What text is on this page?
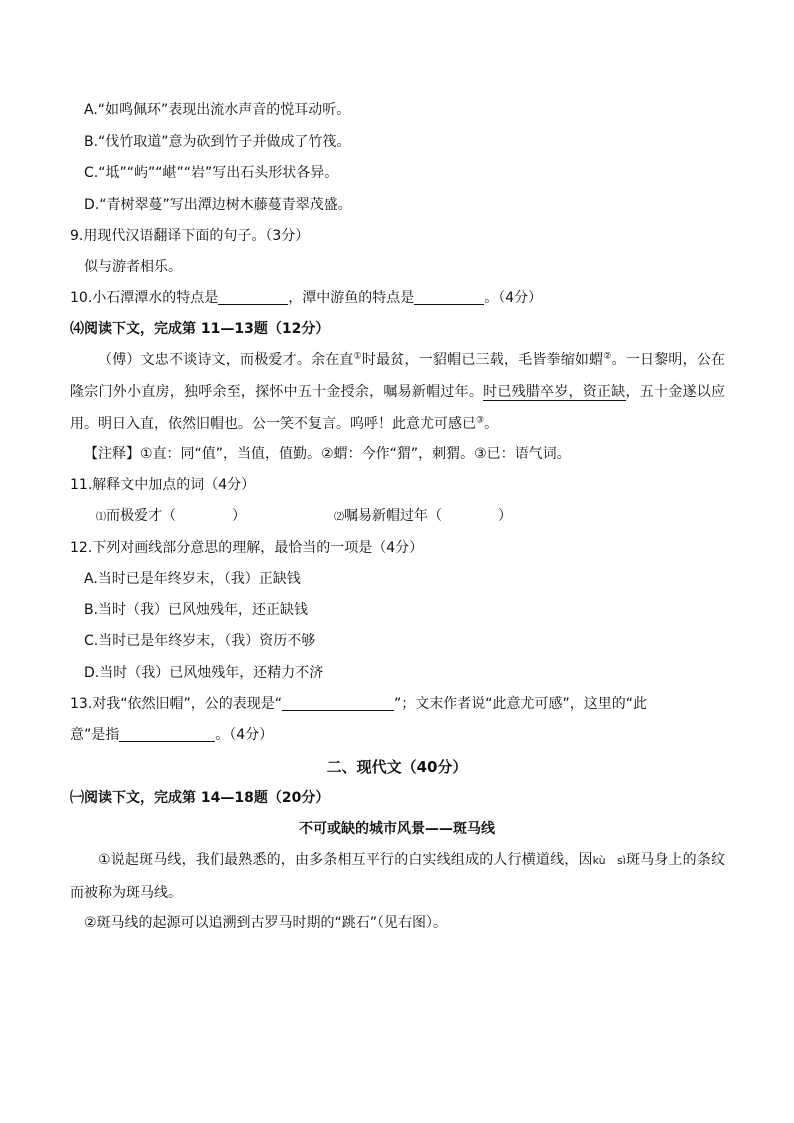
A.“如鸣佩环”表现出流水声音的悦耳动听。
B.“伐竹取道”意为砍到竹子并做成了竹筏。
C.“坻”“屿”“嵁”“岩”写出石头形状各异。
D.“青树翠蔓”写出潭边树木藤蔓青翠茂盛。
9.用现代汉语翻译下面的句子。（3分）
似与游者相乐。
10.小石潭潭水的特点是	，潭中游鱼的特点是	。（4分）
⑷阅读下文，完成第 11—13题（12分）
（傅）文忠不谈诗文，而极爱才。余在直①时最贫，一貂帽已三载，毛皆拳缩如蝟②。一日黎明，公在隆宗门外小直房，独呼余至，探怀中五十金授余，嘱易新帽过年。时已残腊卒岁，资正缺，五十金遂以应用。明日入直，依然旧帽也。公一笑不复言。呜呼！此意尤可感已③。
【注释】①直：同“值”，当值，值勤。②蝟：今作“猬”，刺猬。③已：语气词。
11.解释文中加点的词（4分）
⑴而极爱才（	）	⑵嘱易新帽过年（	）
12.下列对画线部分意思的理解，最恰当的一项是（4分）
A.当时已是年终岁末，（我）正缺钱
B.当时（我）已风烛残年，还正缺钱
C.当时已是年终岁末，（我）资历不够
D.当时（我）已风烛残年，还精力不济
13.对我“依然旧帽”，公的表现是“	”；文末作者说“此意尤可感”，这里的“此
意”是指	。（4分）
二、现代文（40分）
㈠阅读下文，完成第 14—18题（20分）
不可或缺的城市风景——斑马线
①说起斑马线，我们最熟悉的，由多条相互平行的白实线组成的人行横道线，因kù　sì斑马身上的条纹而被称为斑马线。
②斑马线的起源可以追溯到古罗马时期的“跳石”（见右图）。
